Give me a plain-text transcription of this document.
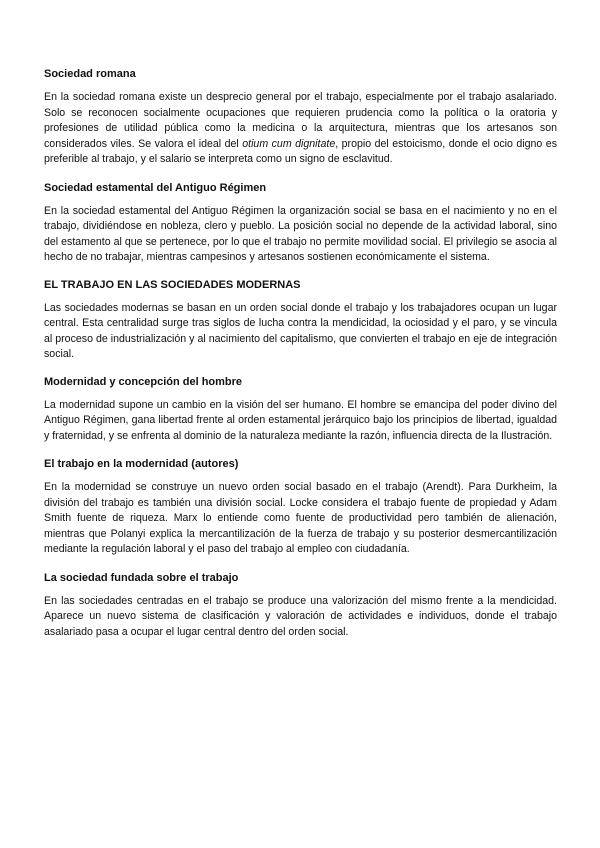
Sociedad romana

En la sociedad romana existe un desprecio general por el trabajo, especialmente por el trabajo asalariado. Solo se reconocen socialmente ocupaciones que requieren prudencia como la política o la oratoria y profesiones de utilidad pública como la medicina o la arquitectura, mientras que los artesanos son considerados viles. Se valora el ideal del otium cum dignitate, propio del estoicismo, donde el ocio digno es preferible al trabajo, y el salario se interpreta como un signo de esclavitud.

Sociedad estamental del Antiguo Régimen

En la sociedad estamental del Antiguo Régimen la organización social se basa en el nacimiento y no en el trabajo, dividiéndose en nobleza, clero y pueblo. La posición social no depende de la actividad laboral, sino del estamento al que se pertenece, por lo que el trabajo no permite movilidad social. El privilegio se asocia al hecho de no trabajar, mientras campesinos y artesanos sostienen económicamente el sistema.

EL TRABAJO EN LAS SOCIEDADES MODERNAS

Las sociedades modernas se basan en un orden social donde el trabajo y los trabajadores ocupan un lugar central. Esta centralidad surge tras siglos de lucha contra la mendicidad, la ociosidad y el paro, y se vincula al proceso de industrialización y al nacimiento del capitalismo, que convierten el trabajo en eje de integración social.

Modernidad y concepción del hombre

La modernidad supone un cambio en la visión del ser humano. El hombre se emancipa del poder divino del Antiguo Régimen, gana libertad frente al orden estamental jerárquico bajo los principios de libertad, igualdad y fraternidad, y se enfrenta al dominio de la naturaleza mediante la razón, influencia directa de la Ilustración.

El trabajo en la modernidad (autores)

En la modernidad se construye un nuevo orden social basado en el trabajo (Arendt). Para Durkheim, la división del trabajo es también una división social. Locke considera el trabajo fuente de propiedad y Adam Smith fuente de riqueza. Marx lo entiende como fuente de productividad pero también de alienación, mientras que Polanyi explica la mercantilización de la fuerza de trabajo y su posterior desmercantilización mediante la regulación laboral y el paso del trabajo al empleo con ciudadanía.

La sociedad fundada sobre el trabajo

En las sociedades centradas en el trabajo se produce una valorización del mismo frente a la mendicidad. Aparece un nuevo sistema de clasificación y valoración de actividades e individuos, donde el trabajo asalariado pasa a ocupar el lugar central dentro del orden social.
